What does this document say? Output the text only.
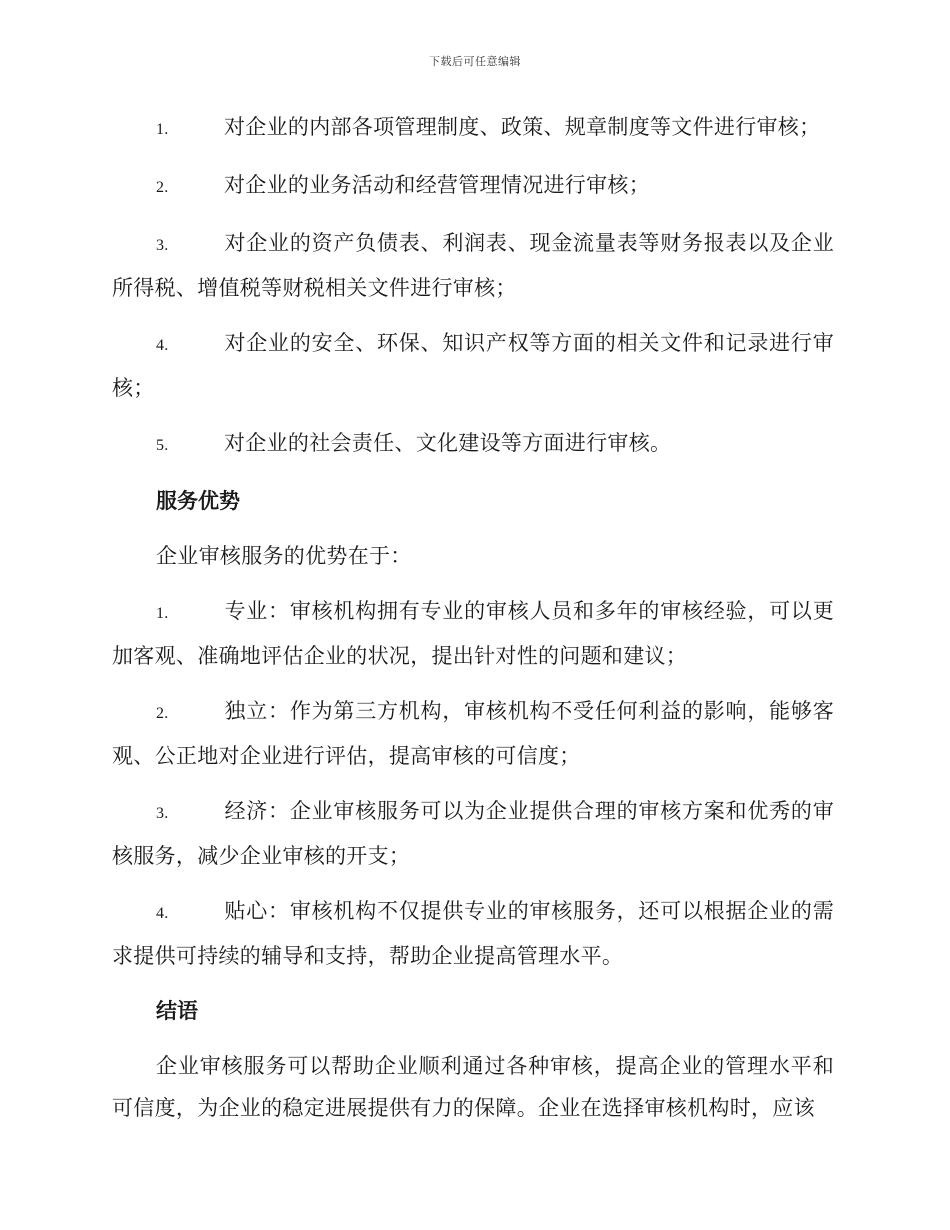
下载后可任意编辑

1.	对企业的内部各项管理制度、政策、规章制度等文件进行审核；

2.	对企业的业务活动和经营管理情况进行审核；

3.	对企业的资产负债表、利润表、现金流量表等财务报表以及企业所得税、增值税等财税相关文件进行审核；

4.	对企业的安全、环保、知识产权等方面的相关文件和记录进行审核；

5.	对企业的社会责任、文化建设等方面进行审核。

服务优势

企业审核服务的优势在于：

1.	专业：审核机构拥有专业的审核人员和多年的审核经验，可以更加客观、准确地评估企业的状况，提出针对性的问题和建议；

2.	独立：作为第三方机构，审核机构不受任何利益的影响，能够客观、公正地对企业进行评估，提高审核的可信度；

3.	经济：企业审核服务可以为企业提供合理的审核方案和优秀的审核服务，减少企业审核的开支；

4.	贴心：审核机构不仅提供专业的审核服务，还可以根据企业的需求提供可持续的辅导和支持，帮助企业提高管理水平。

结语

企业审核服务可以帮助企业顺利通过各种审核，提高企业的管理水平和可信度，为企业的稳定进展提供有力的保障。企业在选择审核机构时，应该
